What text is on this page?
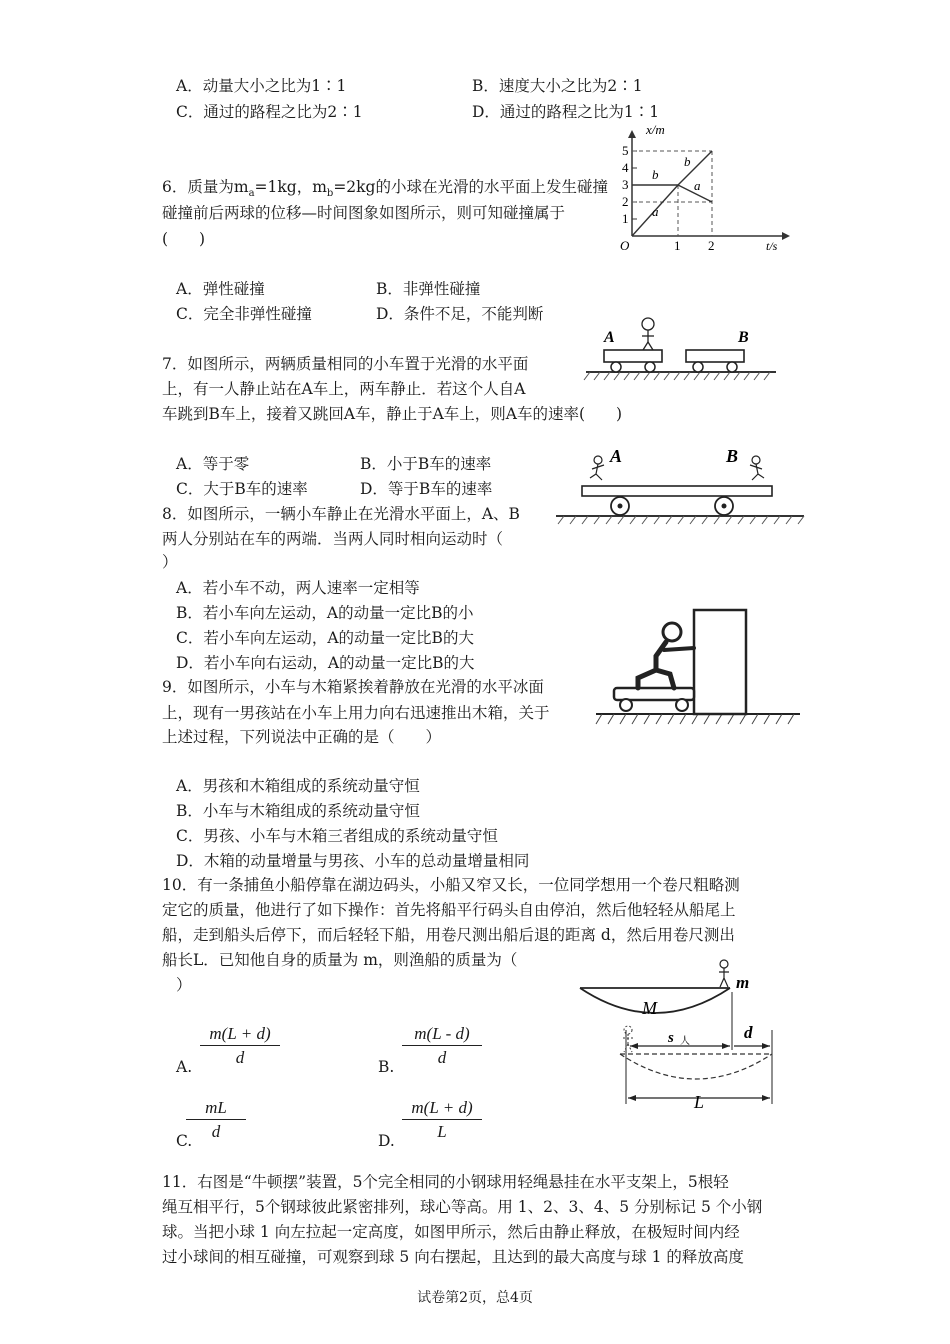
A．动量大小之比为1∶1	B．速度大小之比为2∶1
C．通过的路程之比为2∶1	D．通过的路程之比为1∶1
6．质量为$m_a=1kg$，$m_b=2kg$的小球在光滑的水平面上发生碰撞
碰撞前后两球的位移—时间图象如图所示，则可知碰撞属于
(　　)
x/m
t/s
O
1
2
3
4
5
1 2
a
b
b
a
A．弹性碰撞	B．非弹性碰撞
C．完全非弹性碰撞	D．条件不足，不能判断
7．如图所示，两辆质量相同的小车置于光滑的水平面
上，有一人静止站在A车上，两车静止．若这个人自A
车跳到B车上，接着又跳回A车，静止于A车上，则A车的速率(　　)
A	B
A．等于零	B．小于B车的速率
C．大于B车的速率	D．等于B车的速率
A	B
8．如图所示，一辆小车静止在光滑水平面上，A、B
两人分别站在车的两端．当两人同时相向运动时（
）
A．若小车不动，两人速率一定相等
B．若小车向左运动，A的动量一定比B的小
C．若小车向左运动，A的动量一定比B的大
D．若小车向右运动，A的动量一定比B的大
9．如图所示，小车与木箱紧挨着静放在光滑的水平冰面
上，现有一男孩站在小车上用力向右迅速推出木箱，关于
上述过程，下列说法中正确的是（　　）
A．男孩和木箱组成的系统动量守恒
B．小车与木箱组成的系统动量守恒
C．男孩、小车与木箱三者组成的系统动量守恒
D．木箱的动量增量与男孩、小车的总动量增量相同
10．有一条捕鱼小船停靠在湖边码头，小船又窄又长，一位同学想用一个卷尺粗略测
定它的质量，他进行了如下操作：首先将船平行码头自由停泊，然后他轻轻从船尾上
船，走到船头后停下，而后轻轻下船，用卷尺测出船后退的距离 d，然后用卷尺测出
船长L．已知他自身的质量为 m，则渔船的质量为（
）
A. $\frac{m(L + d)}{d}$	B. $\frac{m(L - d)}{d}$
C.
$\frac{mL}{d}$	D. $\frac{m(L + d)}{L}$
M
m
s 人	d
L
11．右图是“牛顿摆”装置，5个完全相同的小钢球用轻绳悬挂在水平支架上，5根轻
绳互相平行，5个钢球彼此紧密排列，球心等高。用 1、2、3、4、5 分别标记 5 个小钢
球。当把小球 1 向左拉起一定高度，如图甲所示，然后由静止释放，在极短时间内经
过小球间的相互碰撞，可观察到球 5 向右摆起，且达到的最大高度与球 1 的释放高度
试卷第2页，总4页
